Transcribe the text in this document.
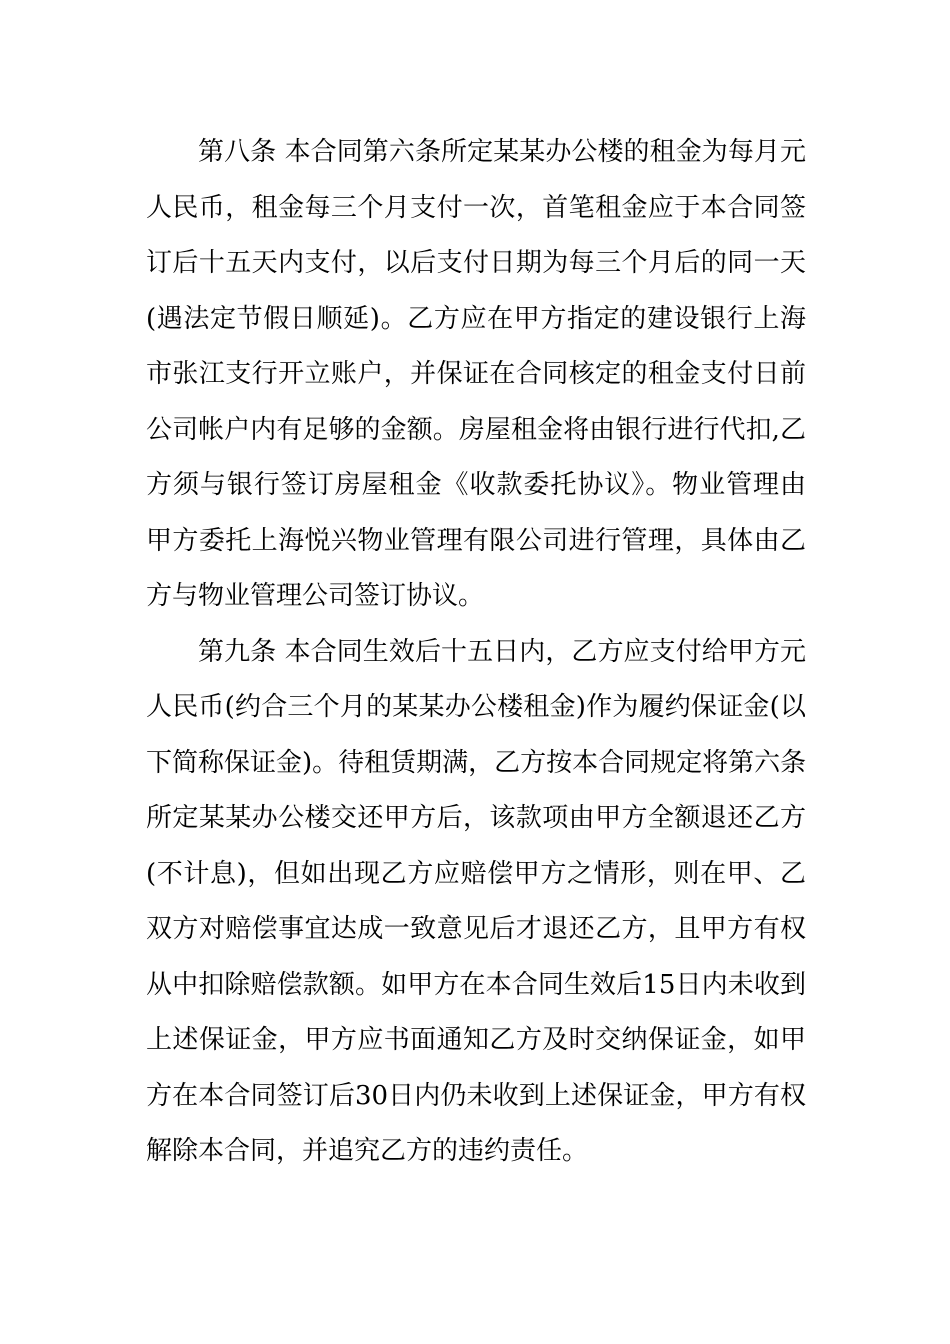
第八条 本合同第六条所定某某办公楼的租金为每月元
人民币，租金每三个月支付一次，首笔租金应于本合同签
订后十五天内支付，以后支付日期为每三个月后的同一天
(遇法定节假日顺延)。乙方应在甲方指定的建设银行上海
市张江支行开立账户，并保证在合同核定的租金支付日前
公司帐户内有足够的金额。房屋租金将由银行进行代扣,乙
方须与银行签订房屋租金《收款委托协议》。物业管理由
甲方委托上海悦兴物业管理有限公司进行管理，具体由乙
方与物业管理公司签订协议。
第九条 本合同生效后十五日内，乙方应支付给甲方元
人民币(约合三个月的某某办公楼租金)作为履约保证金(以
下简称保证金)。待租赁期满，乙方按本合同规定将第六条
所定某某办公楼交还甲方后，该款项由甲方全额退还乙方
(不计息)，但如出现乙方应赔偿甲方之情形，则在甲、乙
双方对赔偿事宜达成一致意见后才退还乙方，且甲方有权
从中扣除赔偿款额。如甲方在本合同生效后15日内未收到
上述保证金，甲方应书面通知乙方及时交纳保证金，如甲
方在本合同签订后30日内仍未收到上述保证金，甲方有权
解除本合同，并追究乙方的违约责任。
